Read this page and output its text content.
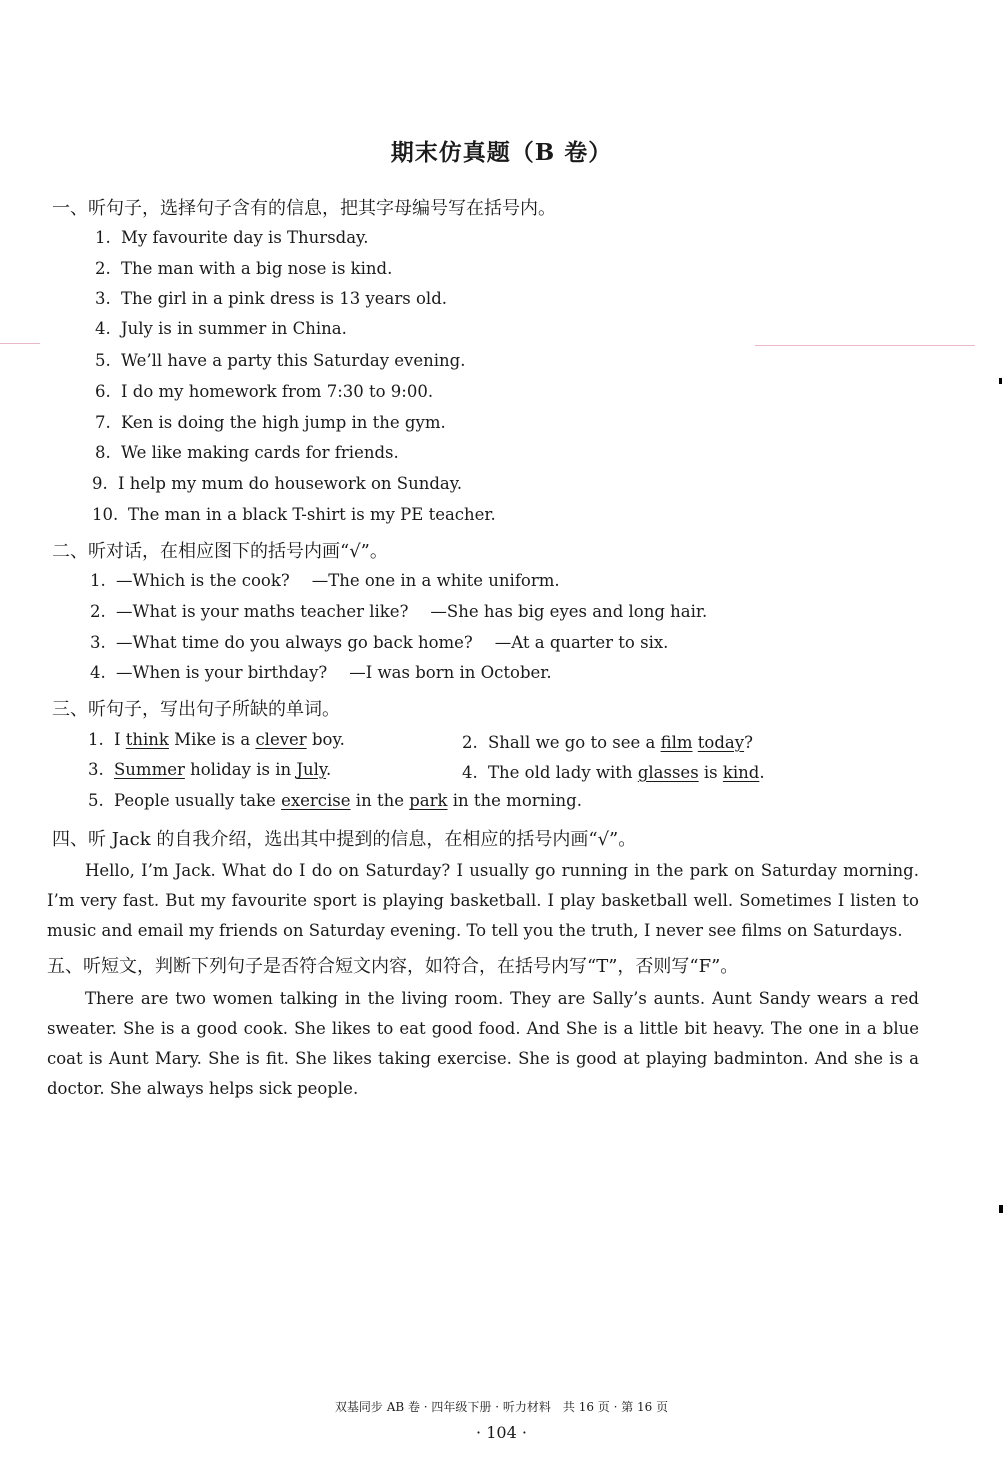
期末仿真题（B 卷）
一、听句子，选择句子含有的信息，把其字母编号写在括号内。
1. My favourite day is Thursday.
2. The man with a big nose is kind.
3. The girl in a pink dress is 13 years old.
4. July is in summer in China.
5. We’ll have a party this Saturday evening.
6. I do my homework from 7:30 to 9:00.
7. Ken is doing the high jump in the gym.
8. We like making cards for friends.
9. I help my mum do housework on Sunday.
10. The man in a black T-shirt is my PE teacher.
二、听对话，在相应图下的括号内画“√”。
1. —Which is the cook? —The one in a white uniform.
2. —What is your maths teacher like? —She has big eyes and long hair.
3. —What time do you always go back home? —At a quarter to six.
4. —When is your birthday? —I was born in October.
三、听句子，写出句子所缺的单词。
1. I think Mike is a clever boy.	2. Shall we go to see a film today?
3. Summer holiday is in July.	4. The old lady with glasses is kind.
5. People usually take exercise in the park in the morning.
四、听 Jack 的自我介绍，选出其中提到的信息，在相应的括号内画“√”。
Hello, I’m Jack. What do I do on Saturday? I usually go running in the park on Saturday morning. I’m very fast. But my favourite sport is playing basketball. I play basketball well. Sometimes I listen to music and email my friends on Saturday evening. To tell you the truth, I never see films on Saturdays.
五、听短文，判断下列句子是否符合短文内容，如符合，在括号内写“T”，否则写“F”。
There are two women talking in the living room. They are Sally’s aunts. Aunt Sandy wears a red sweater. She is a good cook. She likes to eat good food. And She is a little bit heavy. The one in a blue coat is Aunt Mary. She is fit. She likes taking exercise. She is good at playing badminton. And she is a doctor. She always helps sick people.
双基同步 AB 卷 · 四年级下册 · 听力材料　共 16 页 · 第 16 页
· 104 ·
